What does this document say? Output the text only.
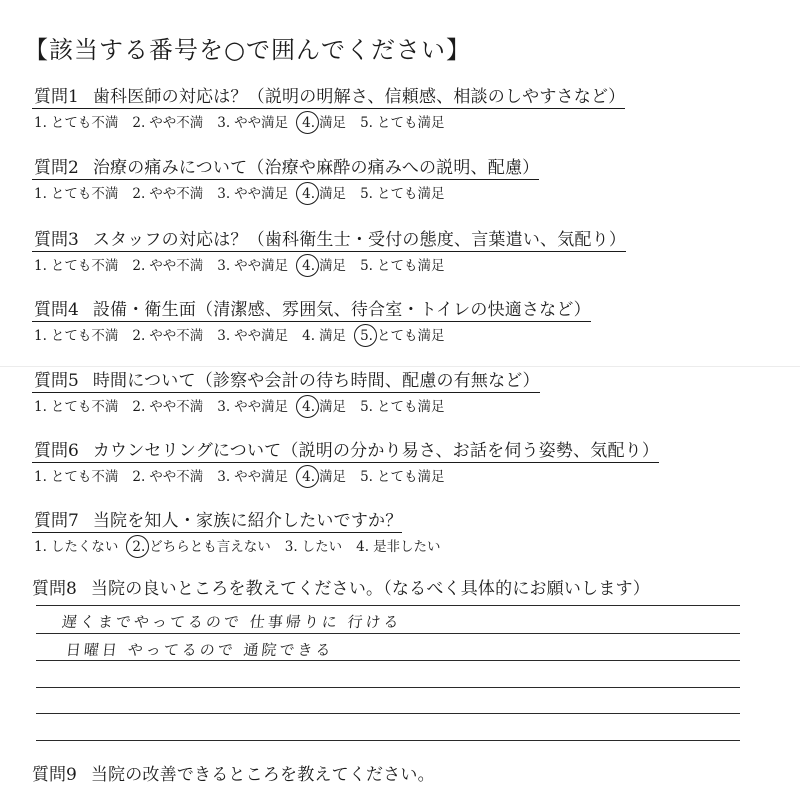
【該当する番号を○で囲んでください】
質問1 歯科医師の対応は？（説明の明解さ、信頼感、相談のしやすさなど）
1. とても不満 2. やや不満 3. やや満足 4. 満足 5. とても満足
質問2 治療の痛みについて（治療や麻酔の痛みへの説明、配慮）
1. とても不満 2. やや不満 3. やや満足 4. 満足 5. とても満足
質問3 スタッフの対応は？（歯科衛生士・受付の態度、言葉遣い、気配り）
1. とても不満 2. やや不満 3. やや満足 4. 満足 5. とても満足
質問4 設備・衛生面（清潔感、雰囲気、待合室・トイレの快適さなど）
1. とても不満 2. やや不満 3. やや満足 4. 満足 5. とても満足
質問5 時間について（診察や会計の待ち時間、配慮の有無など）
1. とても不満 2. やや不満 3. やや満足 4. 満足 5. とても満足
質問6 カウンセリングについて（説明の分かり易さ、お話を伺う姿勢、気配り）
1. とても不満 2. やや不満 3. やや満足 4. 満足 5. とても満足
質問7 当院を知人・家族に紹介したいですか？
1. したくない 2. どちらとも言えない 3. したい 4. 是非したい
質問8 当院の良いところを教えてください。（なるべく具体的にお願いします）
遅くまでやってるので 仕事帰りに 行ける
日曜日 やってるので 通院できる
質問9 当院の改善できるところを教えてください。
